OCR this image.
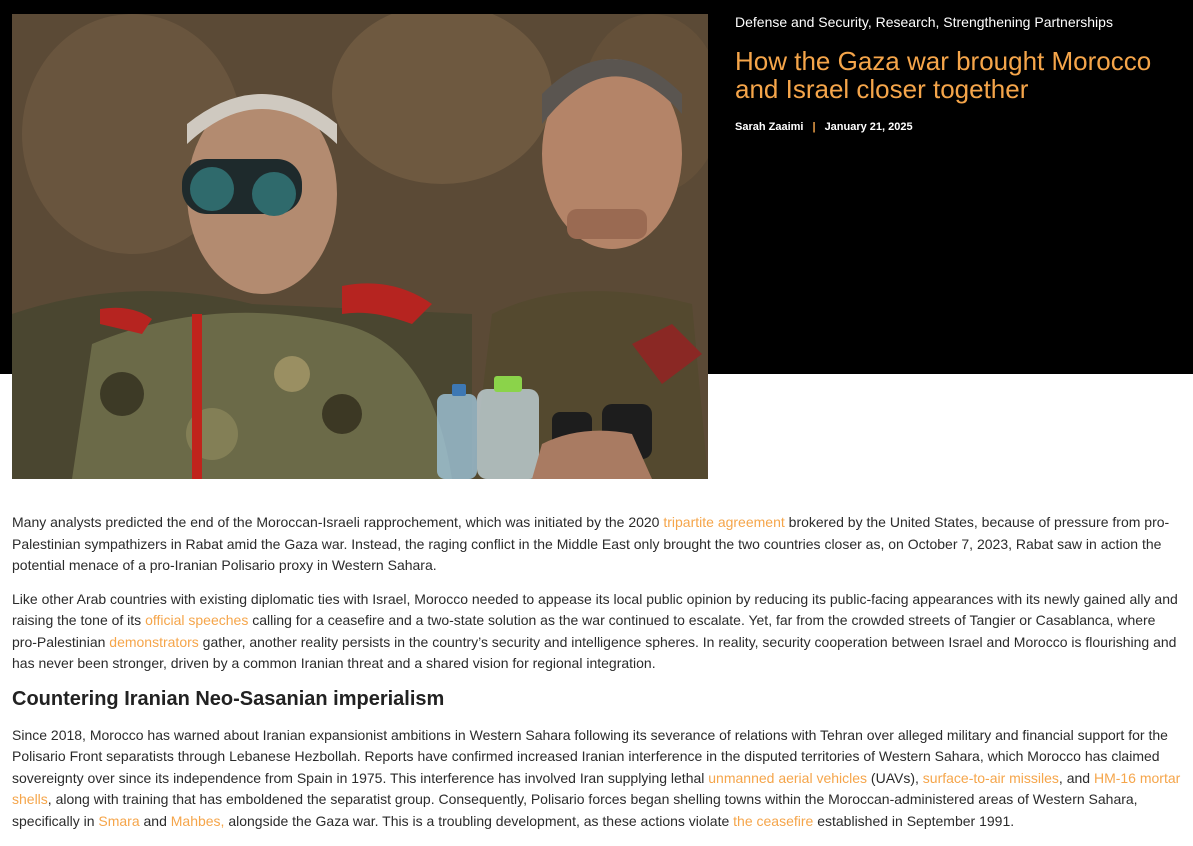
Defense and Security, Research, Strengthening Partnerships
How the Gaza war brought Morocco and Israel closer together
Sarah Zaaimi | January 21, 2025

Many analysts predicted the end of the Moroccan-Israeli rapprochement, which was initiated by the 2020 tripartite agreement brokered by the United States, because of pressure from pro-Palestinian sympathizers in Rabat amid the Gaza war. Instead, the raging conflict in the Middle East only brought the two countries closer as, on October 7, 2023, Rabat saw in action the potential menace of a pro-Iranian Polisario proxy in Western Sahara.

Like other Arab countries with existing diplomatic ties with Israel, Morocco needed to appease its local public opinion by reducing its public-facing appearances with its newly gained ally and raising the tone of its official speeches calling for a ceasefire and a two-state solution as the war continued to escalate. Yet, far from the crowded streets of Tangier or Casablanca, where pro-Palestinian demonstrators gather, another reality persists in the country’s security and intelligence spheres. In reality, security cooperation between Israel and Morocco is flourishing and has never been stronger, driven by a common Iranian threat and a shared vision for regional integration.

Countering Iranian Neo-Sasanian imperialism

Since 2018, Morocco has warned about Iranian expansionist ambitions in Western Sahara following its severance of relations with Tehran over alleged military and financial support for the Polisario Front separatists through Lebanese Hezbollah. Reports have confirmed increased Iranian interference in the disputed territories of Western Sahara, which Morocco has claimed sovereignty over since its independence from Spain in 1975. This interference has involved Iran supplying lethal unmanned aerial vehicles (UAVs), surface-to-air missiles, and HM-16 mortar shells, along with training that has emboldened the separatist group. Consequently, Polisario forces began shelling towns within the Moroccan-administered areas of Western Sahara, specifically in Smara and Mahbes, alongside the Gaza war. This is a troubling development, as these actions violate the ceasefire established in September 1991.
